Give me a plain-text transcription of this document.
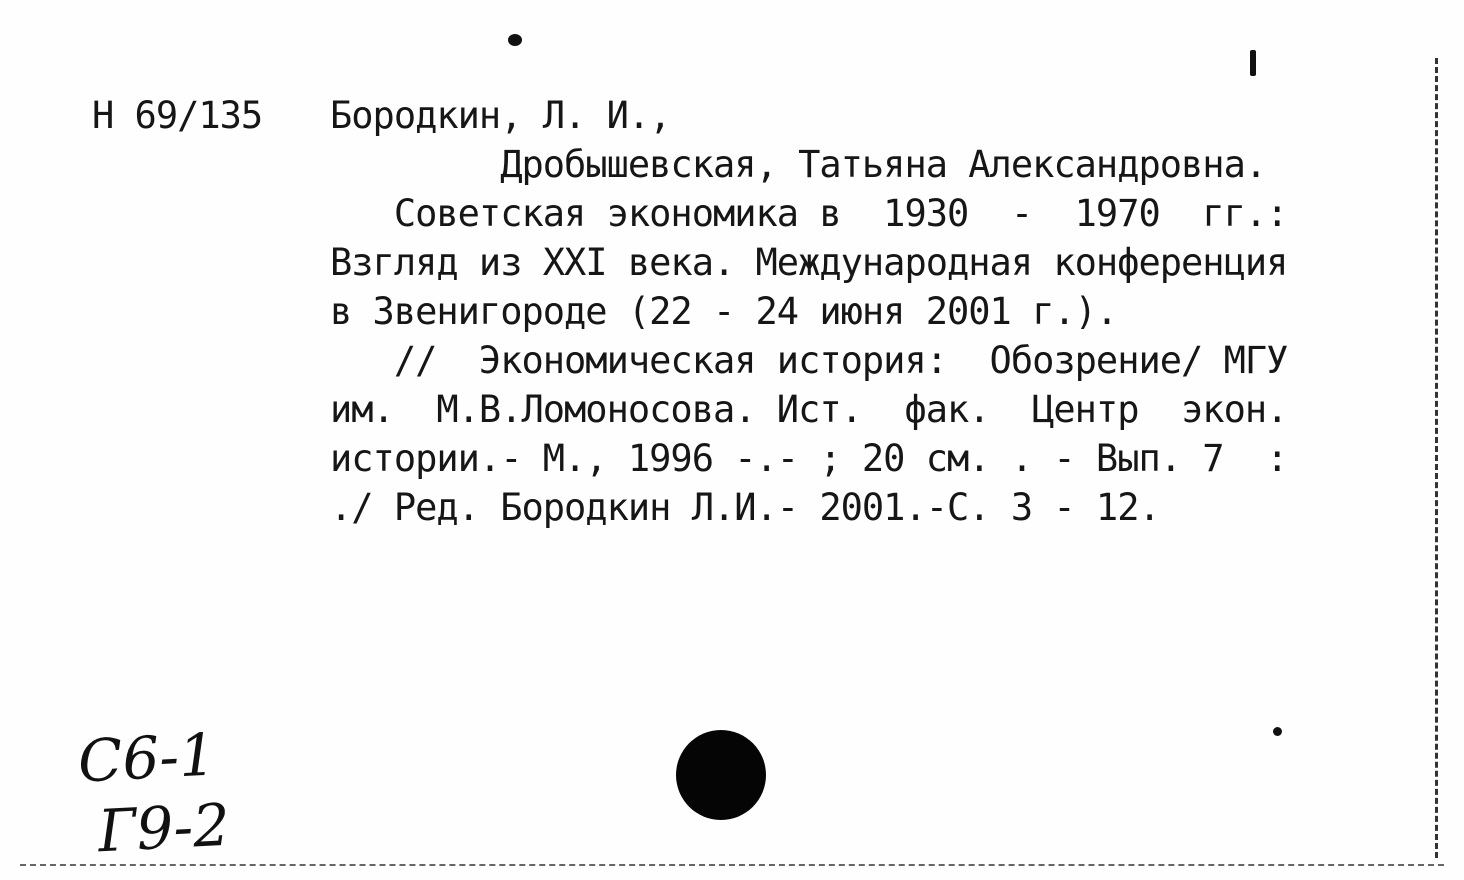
Н 69/135

Бородкин, Л. И.,

Дробышевская, Татьяна Александровна.

Советская экономика в  1930  -  1970  гг.:

Взгляд из XXI века. Международная конференция

в Звенигороде (22 - 24 июня 2001 г.).

//  Экономическая история:  Обозрение/ МГУ

им.  М.В.Ломоносова. Ист.  фак.  Центр  экон.

истории.- М., 1996 -.- ; 20 см. . - Вып. 7  :

./ Ред. Бородкин Л.И.- 2001.-С. 3 - 12.

С6-1
Г9-2
